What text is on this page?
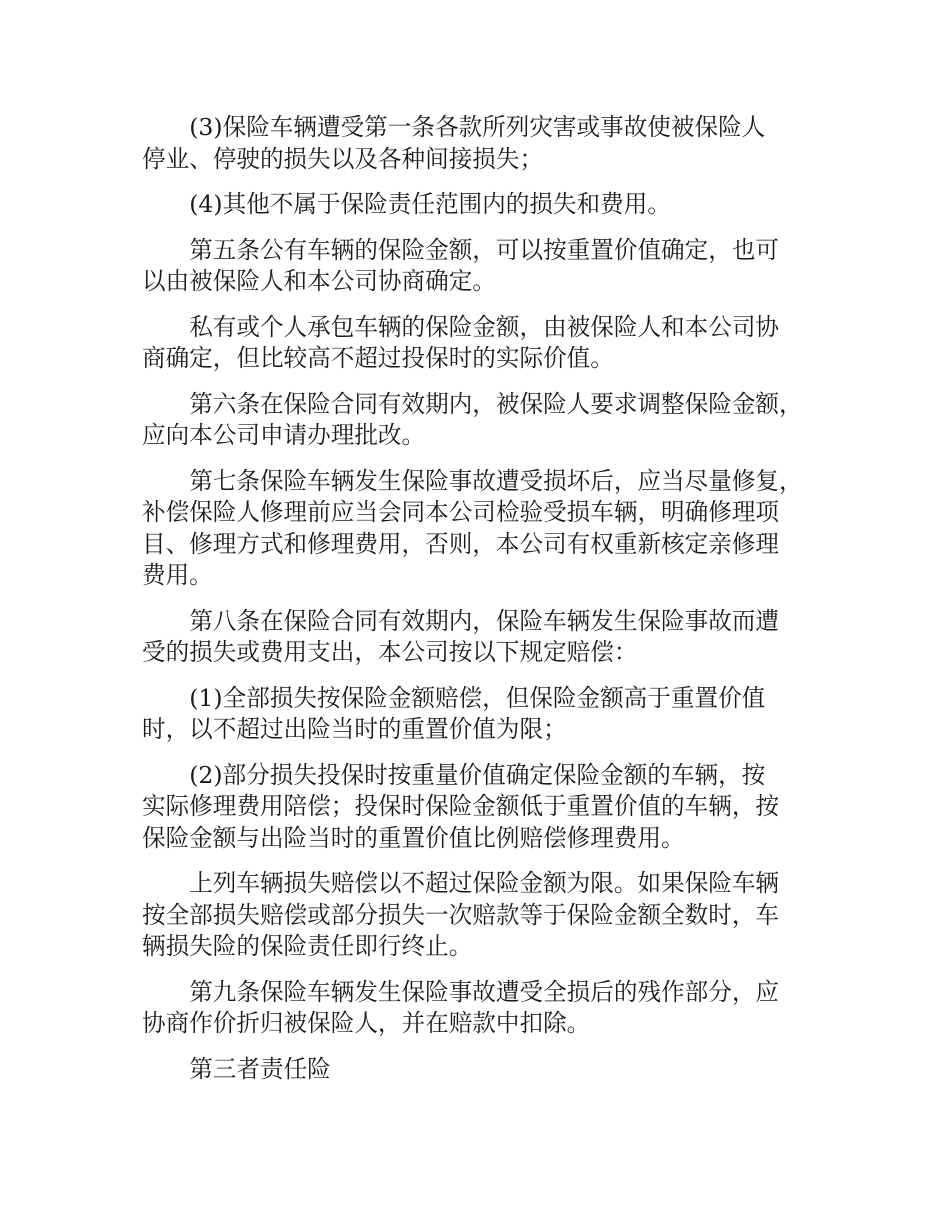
(3)保险车辆遭受第一条各款所列灾害或事故使被保险人
停业、停驶的损失以及各种间接损失；

(4)其他不属于保险责任范围内的损失和费用。

第五条公有车辆的保险金额，可以按重置价值确定，也可
以由被保险人和本公司协商确定。

私有或个人承包车辆的保险金额，由被保险人和本公司协
商确定，但比较高不超过投保时的实际价值。

第六条在保险合同有效期内，被保险人要求调整保险金额，
应向本公司申请办理批改。

第七条保险车辆发生保险事故遭受损坏后，应当尽量修复，
补偿保险人修理前应当会同本公司检验受损车辆，明确修理项
目、修理方式和修理费用，否则，本公司有权重新核定亲修理
费用。

第八条在保险合同有效期内，保险车辆发生保险事故而遭
受的损失或费用支出，本公司按以下规定赔偿：

(1)全部损失按保险金额赔偿，但保险金额高于重置价值
时，以不超过出险当时的重置价值为限；

(2)部分损失投保时按重量价值确定保险金额的车辆，按
实际修理费用陪偿；投保时保险金额低于重置价值的车辆，按
保险金额与出险当时的重置价值比例赔偿修理费用。

上列车辆损失赔偿以不超过保险金额为限。如果保险车辆
按全部损失赔偿或部分损失一次赔款等于保险金额全数时，车
辆损失险的保险责任即行终止。

第九条保险车辆发生保险事故遭受全损后的残作部分，应
协商作价折归被保险人，并在赔款中扣除。

第三者责任险
